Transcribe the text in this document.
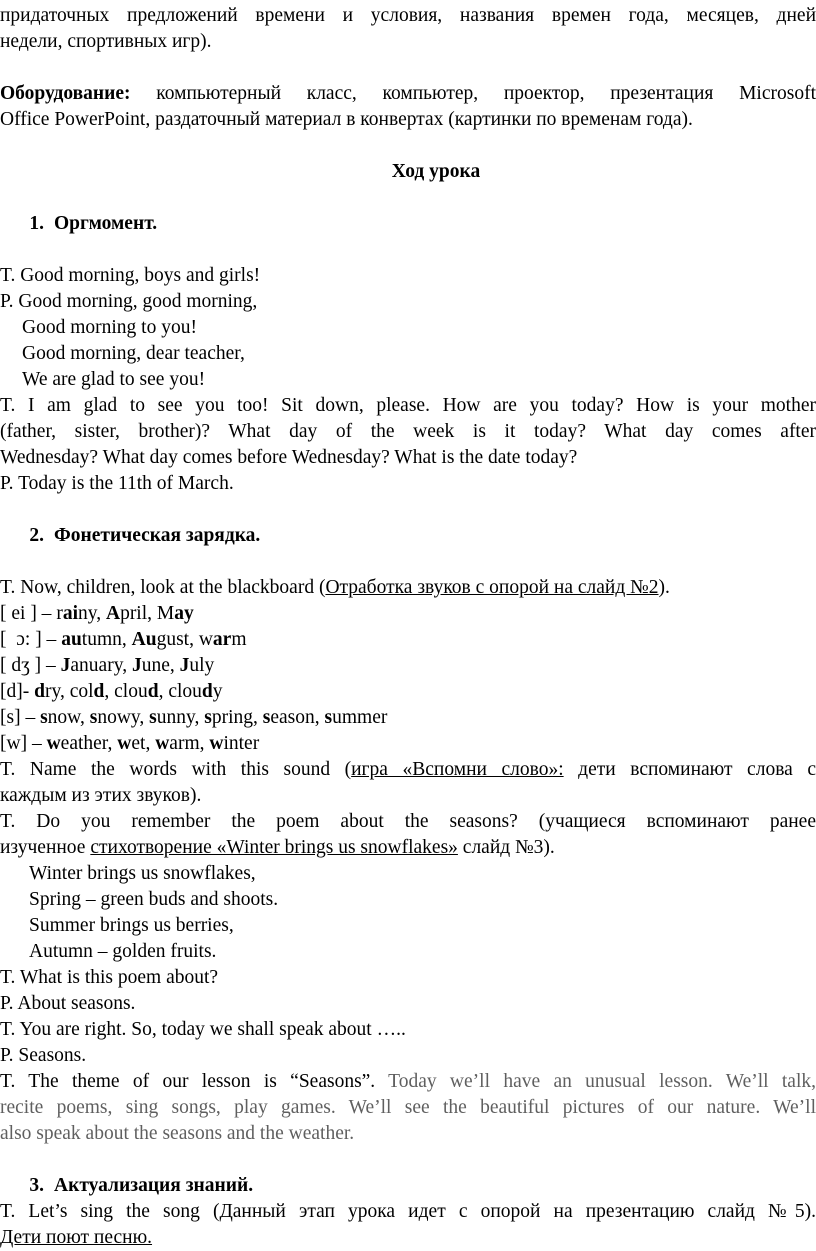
придаточных предложений времени и условия, названия времен года, месяцев, дней
недели, спортивных игр).
Оборудование: компьютерный класс, компьютер, проектор, презентация Microsoft
Office PowerPoint, раздаточный материал в конвертах (картинки по временам года).
Ход урока
1. Оргмомент.
T. Good morning, boys and girls!
P. Good morning, good morning,
Good morning to you!
Good morning, dear teacher,
We are glad to see you!
T. I am glad to see you too! Sit down, please. How are you today? How is your mother
(father, sister, brother)? What day of the week is it today? What day comes after
Wednesday? What day comes before Wednesday? What is the date today?
P. Today is the 11th of March.
2. Фонетическая зарядка.
T. Now, children, look at the blackboard (Отработка звуков с опорой на слайд №2).
[ ei ] – rainy, April, May
[  ɔ: ] – autumn, August, warm
[ dʒ ] – January, June, July
[d]- dry, cold, cloud, cloudy
[s] – snow, snowy, sunny, spring, season, summer
[w] – weather, wet, warm, winter
T. Name the words with this sound (игра «Вспомни слово»: дети вспоминают слова с
каждым из этих звуков).
T. Do you remember the poem about the seasons? (учащиеся вспоминают ранее
изученное стихотворение «Winter brings us snowflakes» слайд №3).
Winter brings us snowflakes,
Spring – green buds and shoots.
Summer brings us berries,
Autumn – golden fruits.
T. What is this poem about?
P. About seasons.
T. You are right. So, today we shall speak about …..
P. Seasons.
T. The theme of our lesson is “Seasons”. Today we’ll have an unusual lesson. We’ll talk,
recite poems, sing songs, play games. We’ll see the beautiful pictures of our nature. We’ll
also speak about the seasons and the weather.
3. Актуализация знаний.
T. Let’s sing the song (Данный этап урока идет с опорой на презентацию слайд №5).
Дети поют песню.
